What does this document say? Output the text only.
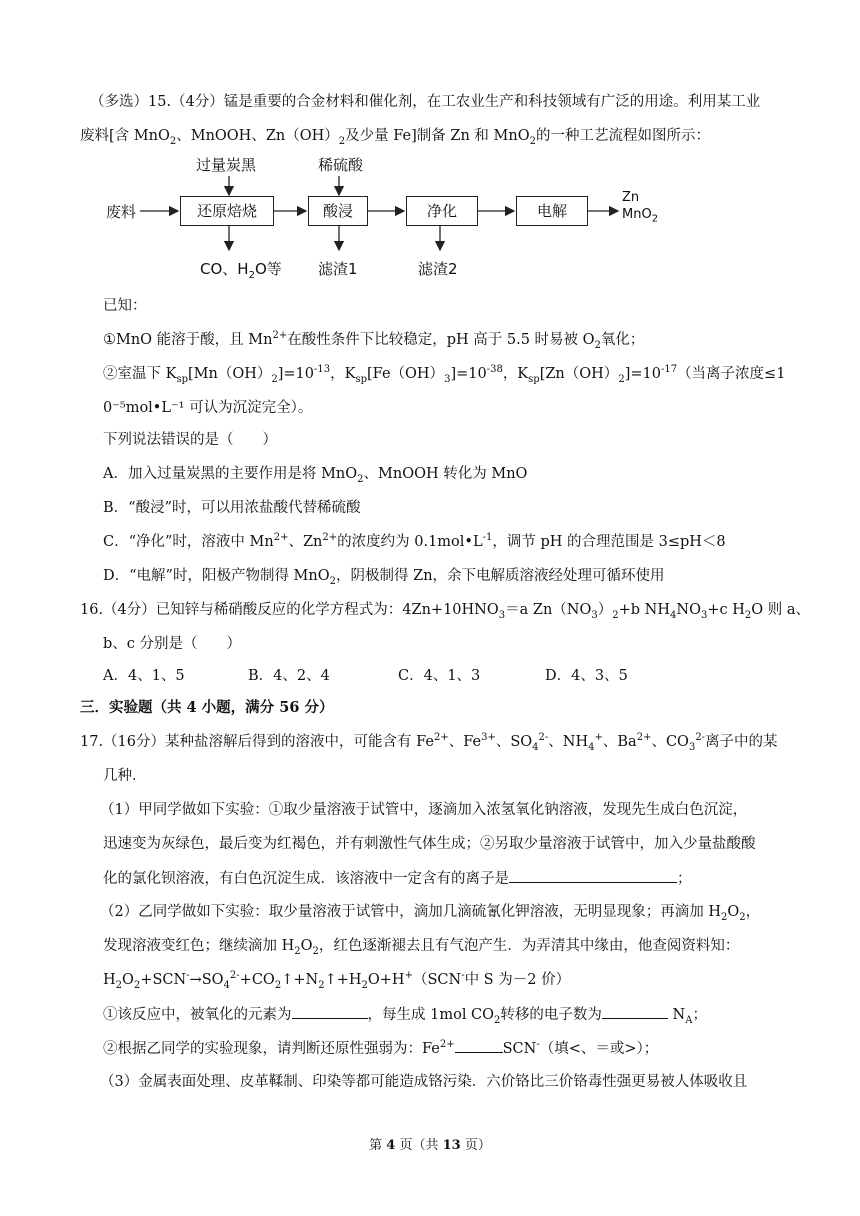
（多选）15.（4分）锰是重要的合金材料和催化剂，在工农业生产和科技领域有广泛的用途。利用某工业
废料[含 MnO$_2$、MnOOH、$Zn(OH)_2$及少量 Fe]制备 Zn 和 MnO$_2$的一种工艺流程如图所示：
废料	还原焙烧	酸浸	净化	电解
过量炭黑	稀硫酸
CO、$H_2O$等 滤渣1	滤渣2
Zn
MnO$_2$
已知：
①MnO 能溶于酸，且 $Mn^{2+}$在酸性条件下比较稳定，pH 高于 5.5 时易被 $O_2$氧化；
②室温下 $K_{sp}[Mn(OH)_2]=10^{-13}$，$K_{sp}[Fe(OH)_3]=10^{-38}$，$K_{sp}[Zn(OH)_2]=10^{-17}$（当离子浓度≤1
0⁻⁵mol•L⁻¹ 可认为沉淀完全）。
下列说法错误的是（　　）
A．加入过量炭黑的主要作用是将 MnO$_2$、MnOOH 转化为 MnO
B．“酸浸”时，可以用浓盐酸代替稀硫酸
C．“净化”时，溶液中 $Mn^{2+}$、$Zn^{2+}$的浓度约为 $0.1mol•L^{-1}$，调节 pH 的合理范围是 3≤pH＜8
D．“电解”时，阳极产物制得 MnO$_2$，阴极制得 Zn，余下电解质溶液经处理可循环使用
16.（4分）已知锌与稀硝酸反应的化学方程式为：$4Zn+10HNO_3=a$ $Zn(NO_3)_2+b$ $NH_4NO_3+c$ $H_2O$ 则 a、
b、c 分别是（　　）
A．4、1、5	B．4、2、4	C．4、1、3	D．4、3、5
三．实验题（共 4 小题，满分 56 分）
17.（16分）某种盐溶解后得到的溶液中，可能含有 $Fe^{2+}$、$Fe^{3+}$、$SO_4^{2-}$、$NH_4^+$、$Ba^{2+}$、$CO_3^{2-}$离子中的某
几种．
（1）甲同学做如下实验：①取少量溶液于试管中，逐滴加入浓氢氧化钠溶液，发现先生成白色沉淀，
迅速变为灰绿色，最后变为红褐色，并有刺激性气体生成；②另取少量溶液于试管中，加入少量盐酸酸
化的氯化钡溶液，有白色沉淀生成．该溶液中一定含有的离子是	；
（2）乙同学做如下实验：取少量溶液于试管中，滴加几滴硫氰化钾溶液，无明显现象；再滴加 $H_2O_2$，
发现溶液变红色；继续滴加 $H_2O_2$，红色逐渐褪去且有气泡产生．为弄清其中缘由，他查阅资料知：
$H_2O_2+SCN^-\to SO_4^{2-}+CO_2↑+N_2↑+H_2O+H^+(SCN^-$中 S 为－2 价）
①该反应中，被氧化的元素为	，每生成 1mol $CO_2$转移的电子数为	$N_A$；
②根据乙同学的实验现象，请判断还原性强弱为：$Fe^{2+}$	SCN-（填<、＝或>）；
（3）金属表面处理、皮革鞣制、印染等都可能造成铬污染．六价铬比三价铬毒性强更易被人体吸收且
第 4 页（共 13 页）
